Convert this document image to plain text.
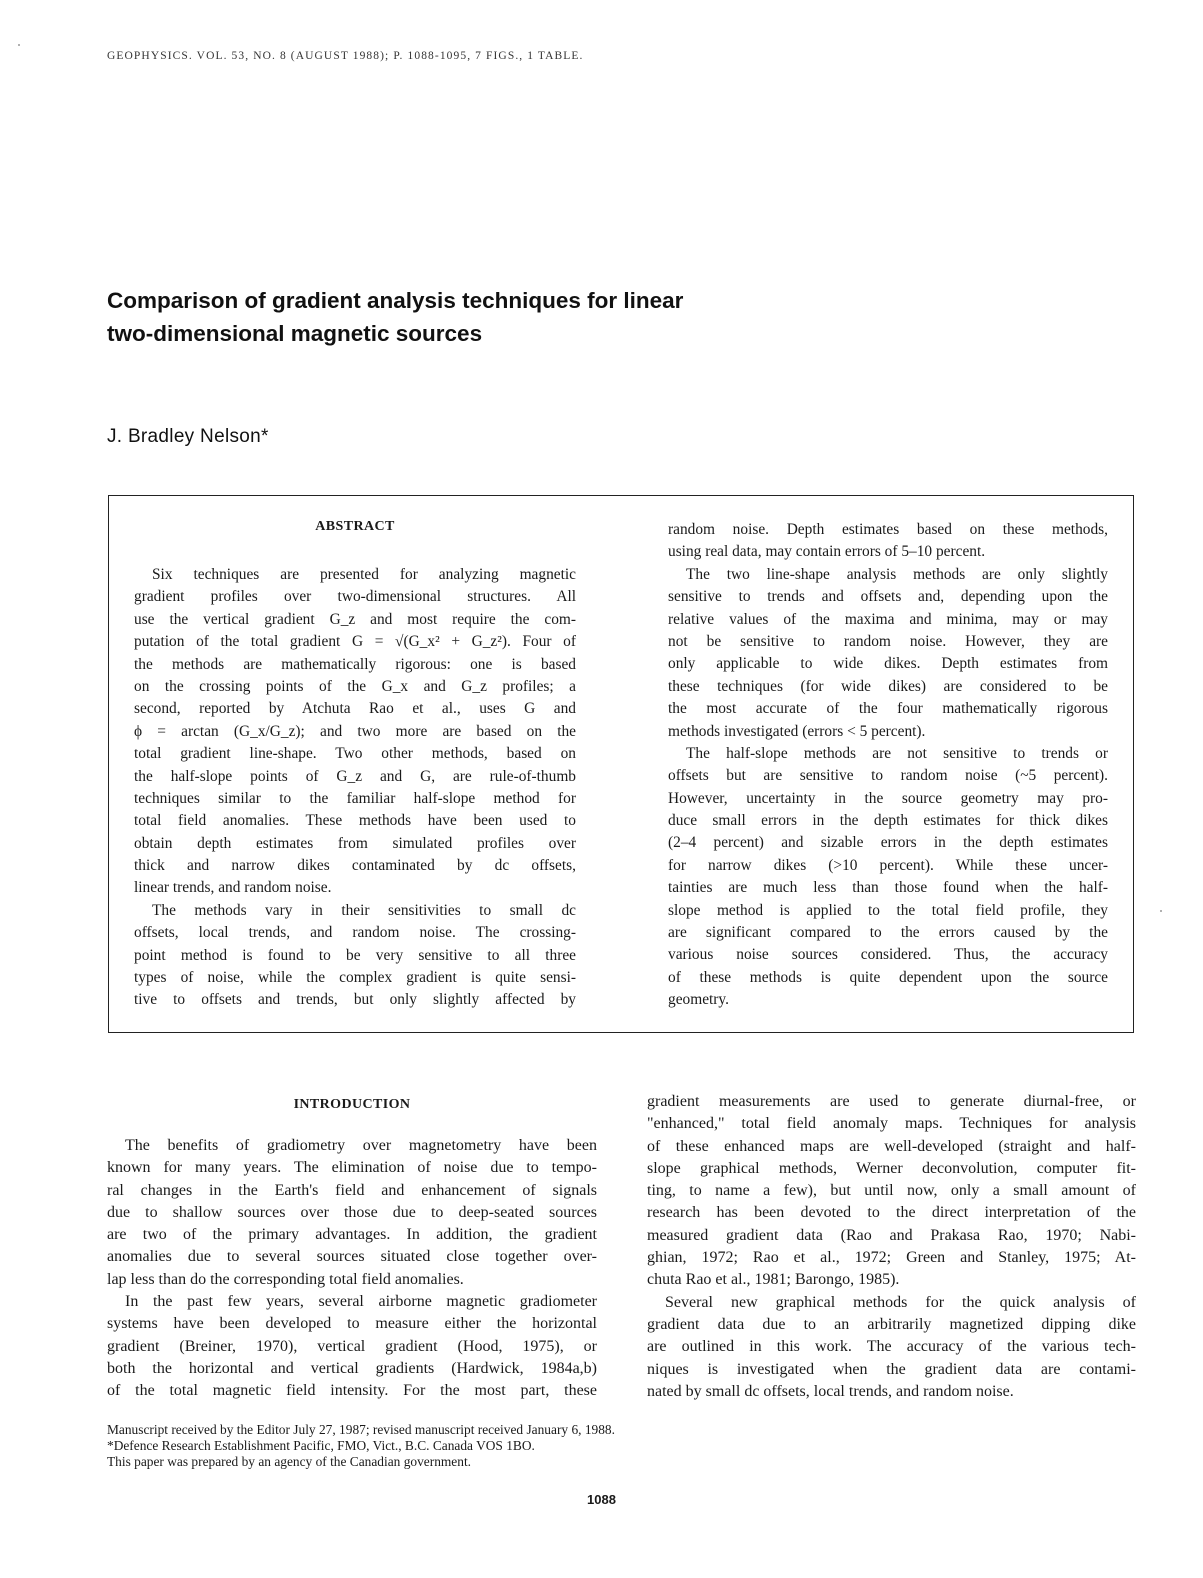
GEOPHYSICS. VOL. 53, NO. 8 (AUGUST 1988); P. 1088-1095, 7 FIGS., 1 TABLE.
Comparison of gradient analysis techniques for linear
two-dimensional magnetic sources
J. Bradley Nelson*
ABSTRACT
Six techniques are presented for analyzing magnetic
gradient profiles over two-dimensional structures. All
use the vertical gradient G_z and most require the com-
putation of the total gradient G = √(G_x² + G_z²). Four of
the methods are mathematically rigorous: one is based
on the crossing points of the G_x and G_z profiles; a
second, reported by Atchuta Rao et al., uses G and
ϕ = arctan (G_x/G_z); and two more are based on the
total gradient line-shape. Two other methods, based on
the half-slope points of G_z and G, are rule-of-thumb
techniques similar to the familiar half-slope method for
total field anomalies. These methods have been used to
obtain depth estimates from simulated profiles over
thick and narrow dikes contaminated by dc offsets,
linear trends, and random noise.
The methods vary in their sensitivities to small dc
offsets, local trends, and random noise. The crossing-
point method is found to be very sensitive to all three
types of noise, while the complex gradient is quite sensi-
tive to offsets and trends, but only slightly affected by
random noise. Depth estimates based on these methods,
using real data, may contain errors of 5–10 percent.
The two line-shape analysis methods are only slightly
sensitive to trends and offsets and, depending upon the
relative values of the maxima and minima, may or may
not be sensitive to random noise. However, they are
only applicable to wide dikes. Depth estimates from
these techniques (for wide dikes) are considered to be
the most accurate of the four mathematically rigorous
methods investigated (errors < 5 percent).
The half-slope methods are not sensitive to trends or
offsets but are sensitive to random noise (~5 percent).
However, uncertainty in the source geometry may pro-
duce small errors in the depth estimates for thick dikes
(2–4 percent) and sizable errors in the depth estimates
for narrow dikes (>10 percent). While these uncer-
tainties are much less than those found when the half-
slope method is applied to the total field profile, they
are significant compared to the errors caused by the
various noise sources considered. Thus, the accuracy
of these methods is quite dependent upon the source
geometry.
INTRODUCTION
The benefits of gradiometry over magnetometry have been
known for many years. The elimination of noise due to tempo-
ral changes in the Earth's field and enhancement of signals
due to shallow sources over those due to deep-seated sources
are two of the primary advantages. In addition, the gradient
anomalies due to several sources situated close together over-
lap less than do the corresponding total field anomalies.
In the past few years, several airborne magnetic gradiometer
systems have been developed to measure either the horizontal
gradient (Breiner, 1970), vertical gradient (Hood, 1975), or
both the horizontal and vertical gradients (Hardwick, 1984a,b)
of the total magnetic field intensity. For the most part, these
gradient measurements are used to generate diurnal-free, or
"enhanced," total field anomaly maps. Techniques for analysis
of these enhanced maps are well-developed (straight and half-
slope graphical methods, Werner deconvolution, computer fit-
ting, to name a few), but until now, only a small amount of
research has been devoted to the direct interpretation of the
measured gradient data (Rao and Prakasa Rao, 1970; Nabi-
ghian, 1972; Rao et al., 1972; Green and Stanley, 1975; At-
chuta Rao et al., 1981; Barongo, 1985).
Several new graphical methods for the quick analysis of
gradient data due to an arbitrarily magnetized dipping dike
are outlined in this work. The accuracy of the various tech-
niques is investigated when the gradient data are contami-
nated by small dc offsets, local trends, and random noise.
Manuscript received by the Editor July 27, 1987; revised manuscript received January 6, 1988.
*Defence Research Establishment Pacific, FMO, Vict., B.C. Canada VOS 1BO.
This paper was prepared by an agency of the Canadian government.
1088
